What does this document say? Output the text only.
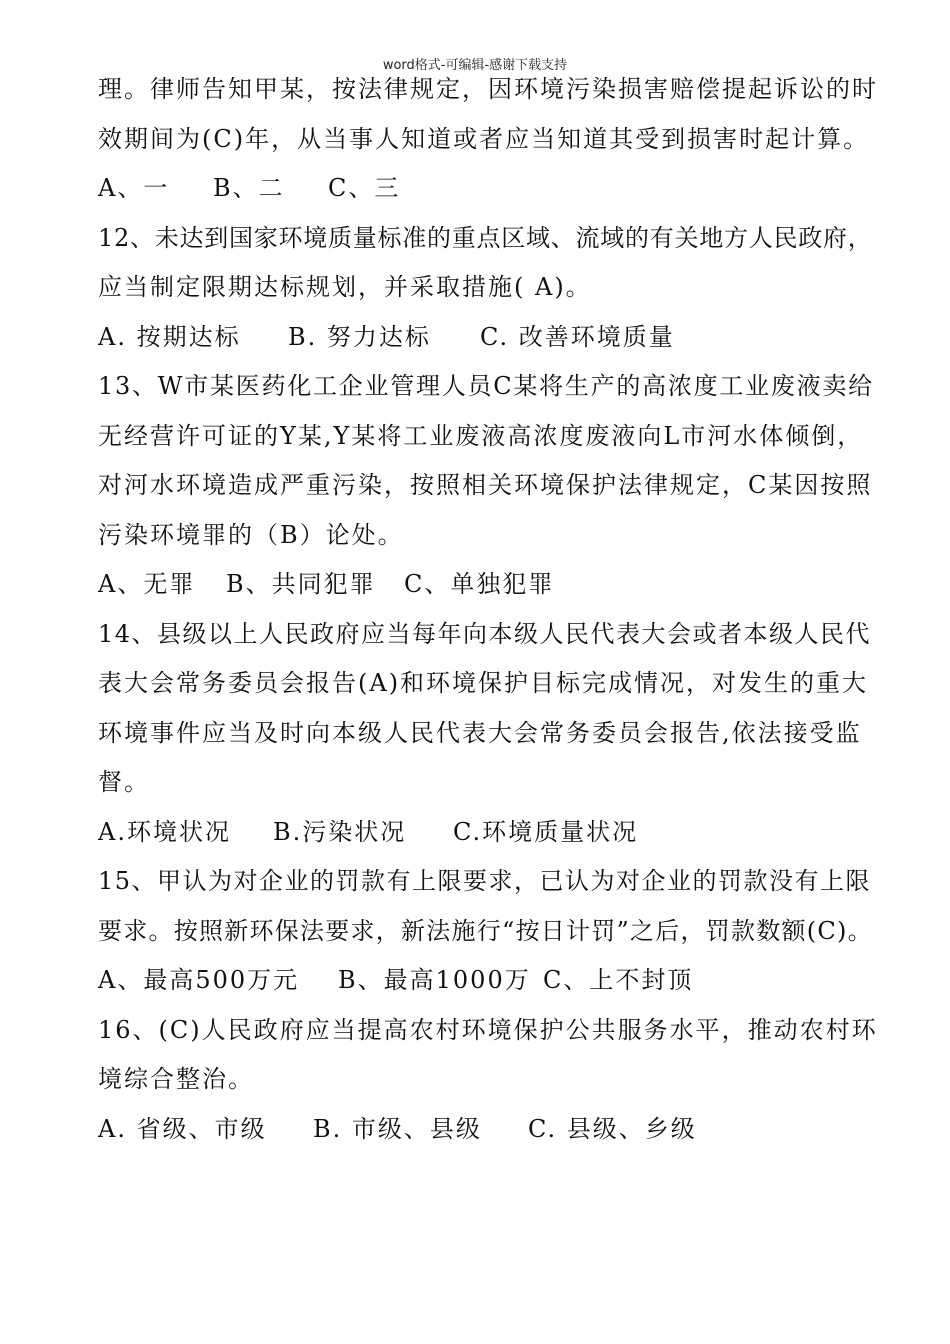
word格式-可编辑-感谢下载支持
理。律师告知甲某，按法律规定，因环境污染损害赔偿提起诉讼的时
效期间为(C)年，从当事人知道或者应当知道其受到损害时起计算。
A、一	B、二	C、三
12、未达到国家环境质量标准的重点区域、流域的有关地方人民政府，
应当制定限期达标规划，并采取措施( A)。
A. 按期达标	B. 努力达标	C. 改善环境质量
13、W市某医药化工企业管理人员C某将生产的高浓度工业废液卖给
无经营许可证的Y某,Y某将工业废液高浓度废液向L市河水体倾倒，
对河水环境造成严重污染，按照相关环境保护法律规定，C某因按照
污染环境罪的（B）论处。
A、无罪	B、共同犯罪	C、单独犯罪
14、县级以上人民政府应当每年向本级人民代表大会或者本级人民代
表大会常务委员会报告(A)和环境保护目标完成情况，对发生的重大
环境事件应当及时向本级人民代表大会常务委员会报告,依法接受监
督。
A.环境状况	B.污染状况	C.环境质量状况
15、甲认为对企业的罚款有上限要求，已认为对企业的罚款没有上限
要求。按照新环保法要求，新法施行“按日计罚”之后，罚款数额(C)。
A、最高500万元	B、最高1000万 C、上不封顶
16、(C)人民政府应当提高农村环境保护公共服务水平，推动农村环
境综合整治。
A. 省级、市级	B. 市级、县级	C. 县级、乡级
